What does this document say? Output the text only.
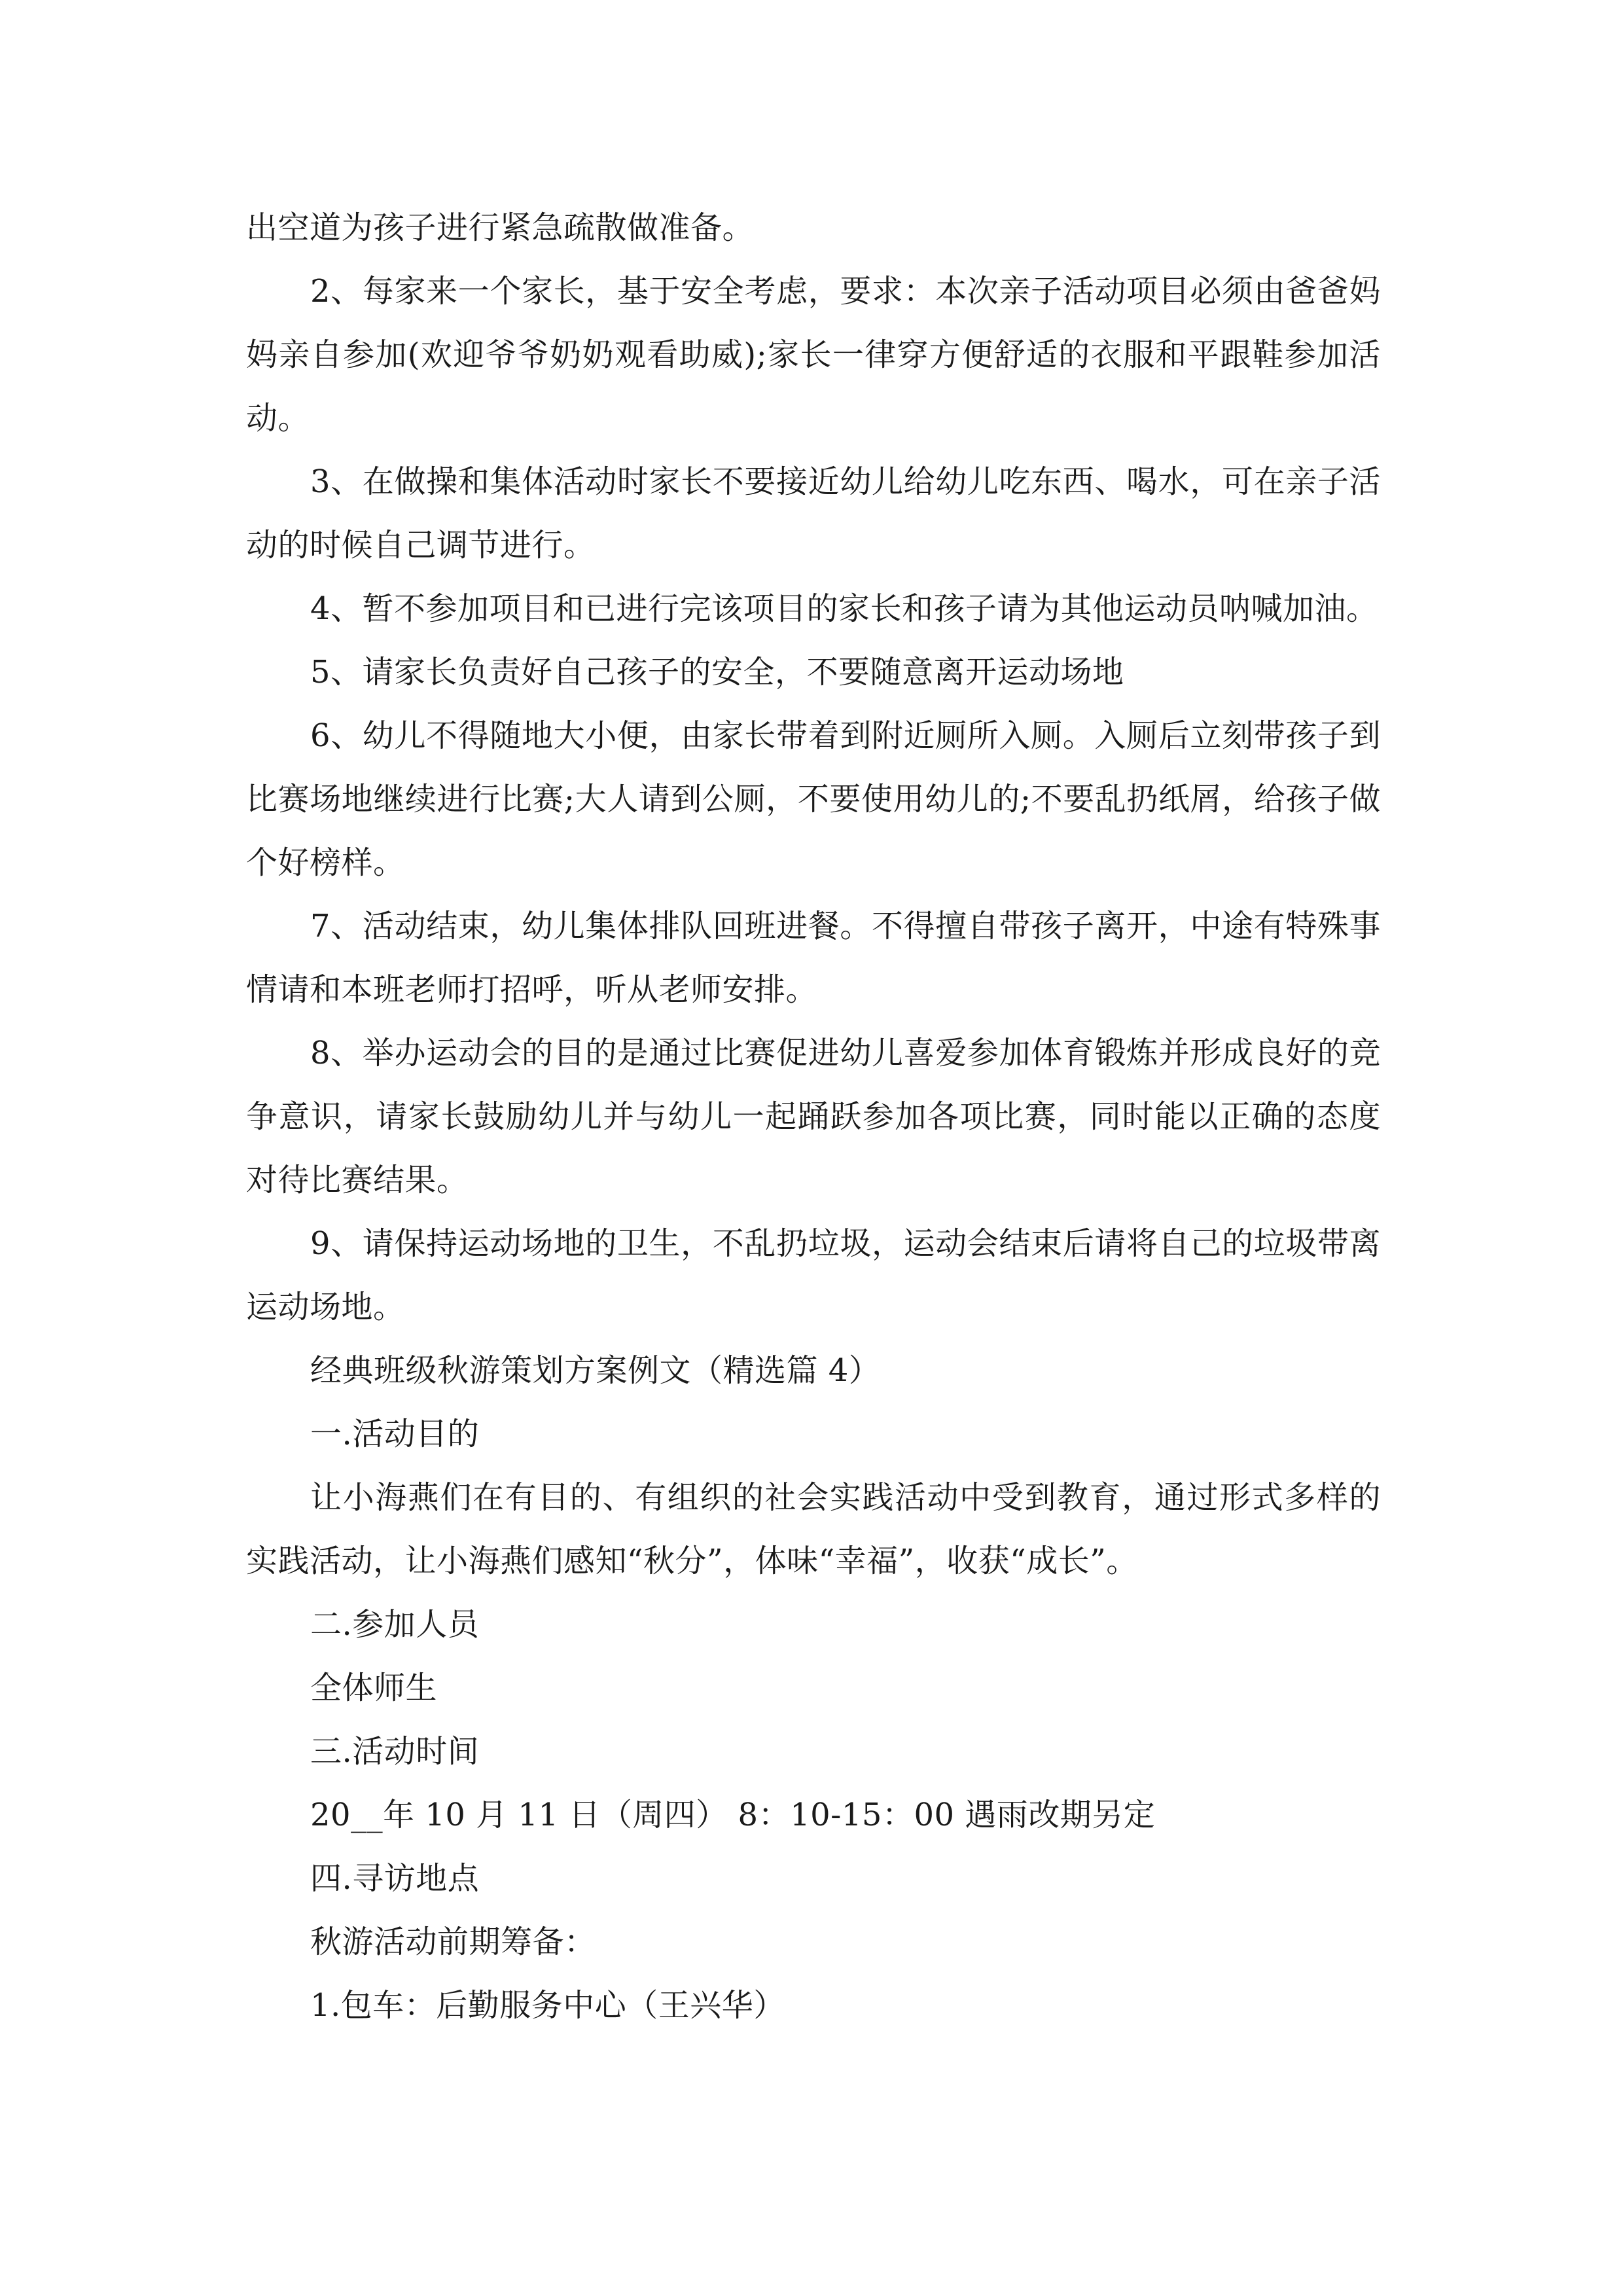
出空道为孩子进行紧急疏散做准备。

2、每家来一个家长，基于安全考虑，要求：本次亲子活动项目必须由爸爸妈妈亲自参加(欢迎爷爷奶奶观看助威);家长一律穿方便舒适的衣服和平跟鞋参加活动。

3、在做操和集体活动时家长不要接近幼儿给幼儿吃东西、喝水，可在亲子活动的时候自己调节进行。

4、暂不参加项目和已进行完该项目的家长和孩子请为其他运动员呐喊加油。

5、请家长负责好自己孩子的安全，不要随意离开运动场地

6、幼儿不得随地大小便，由家长带着到附近厕所入厕。入厕后立刻带孩子到比赛场地继续进行比赛;大人请到公厕，不要使用幼儿的;不要乱扔纸屑，给孩子做个好榜样。

7、活动结束，幼儿集体排队回班进餐。不得擅自带孩子离开，中途有特殊事情请和本班老师打招呼，听从老师安排。

8、举办运动会的目的是通过比赛促进幼儿喜爱参加体育锻炼并形成良好的竞争意识，请家长鼓励幼儿并与幼儿一起踊跃参加各项比赛，同时能以正确的态度对待比赛结果。

9、请保持运动场地的卫生，不乱扔垃圾，运动会结束后请将自己的垃圾带离运动场地。

经典班级秋游策划方案例文（精选篇 4）

一.活动目的

让小海燕们在有目的、有组织的社会实践活动中受到教育，通过形式多样的实践活动，让小海燕们感知“秋分”，体味“幸福”，收获“成长”。

二.参加人员

全体师生

三.活动时间

20__年 10 月 11 日（周四） 8：10-15：00 遇雨改期另定

四.寻访地点

秋游活动前期筹备：

1.包车：后勤服务中心（王兴华）
